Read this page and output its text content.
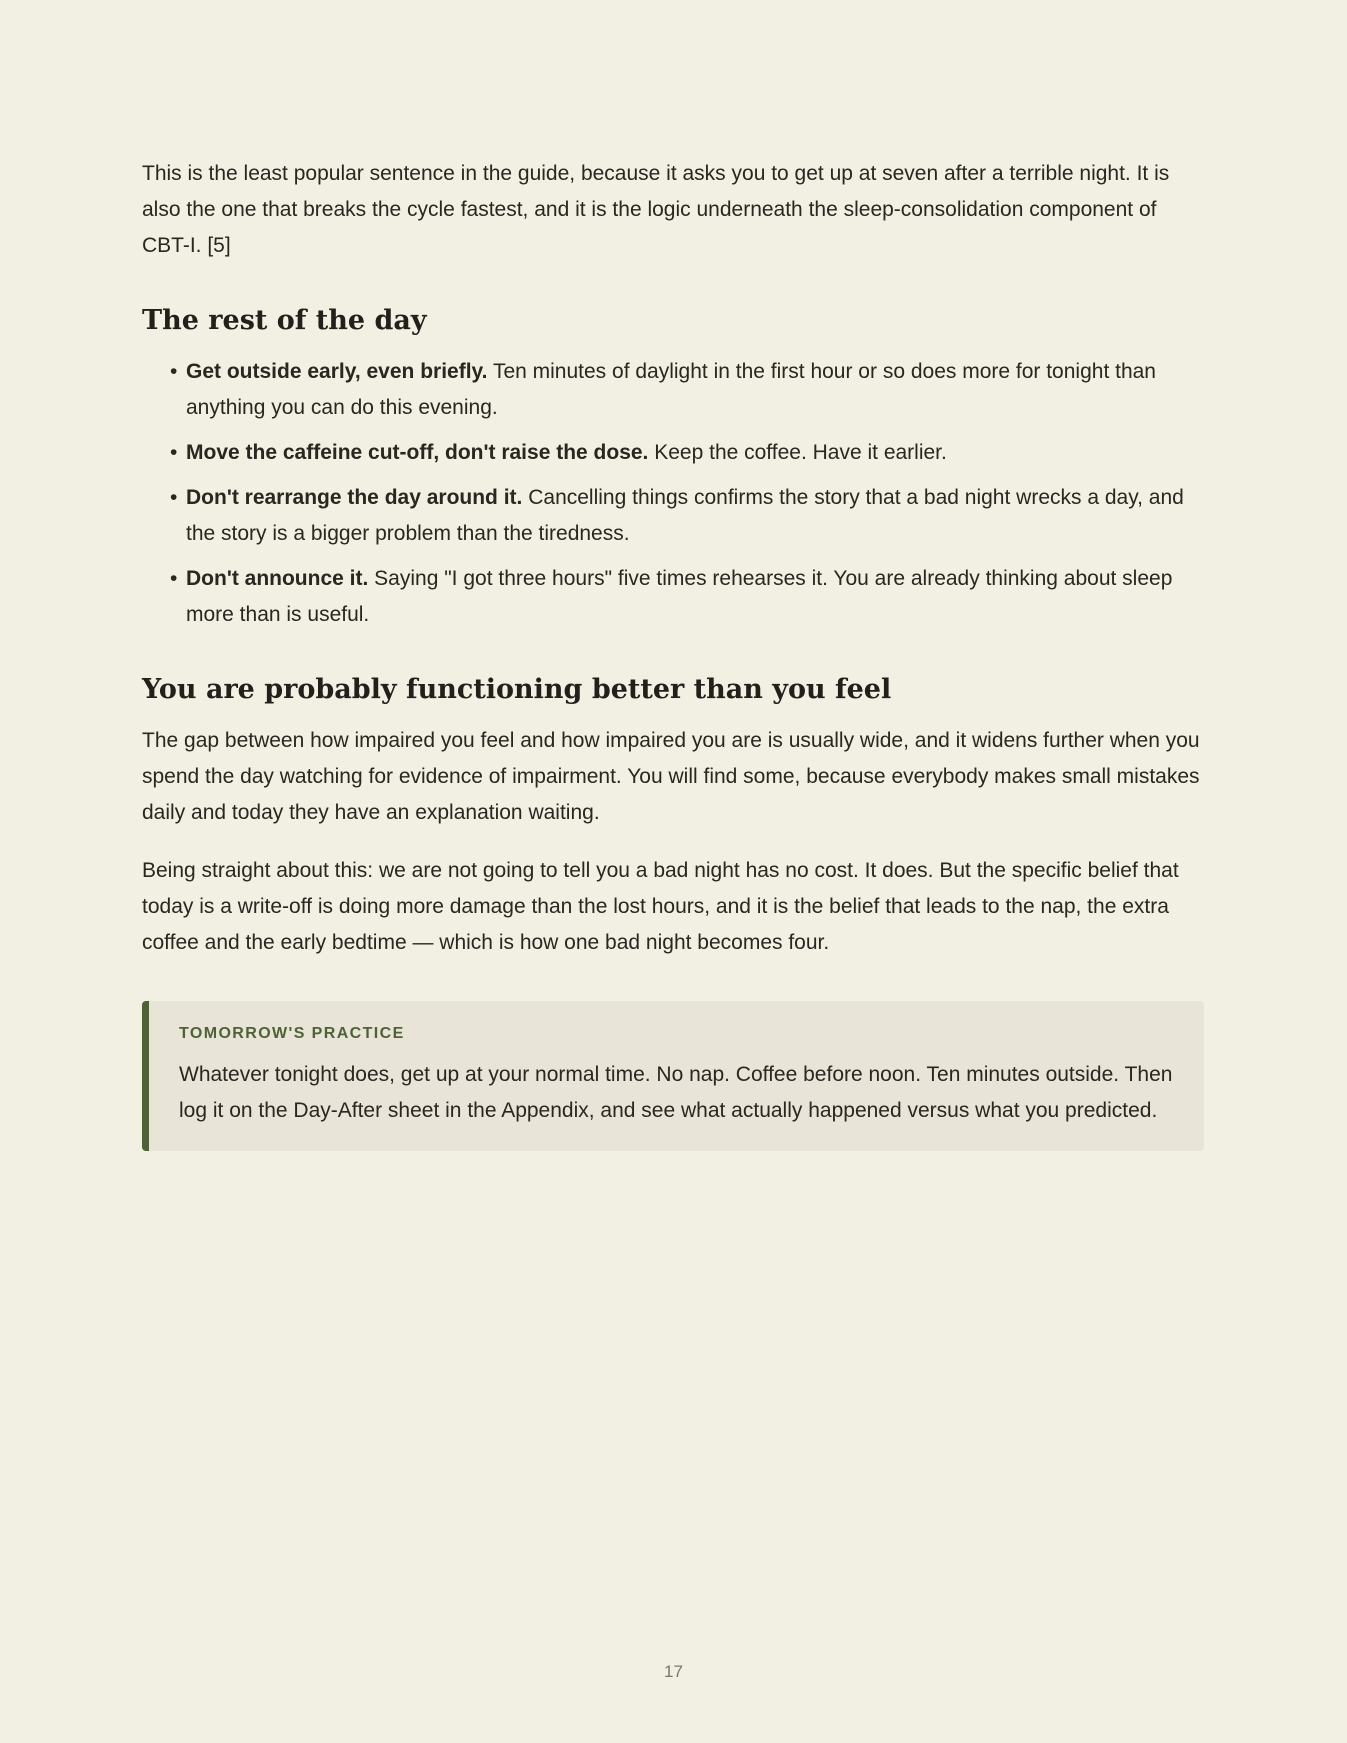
This is the least popular sentence in the guide, because it asks you to get up at seven after a terrible night. It is also the one that breaks the cycle fastest, and it is the logic underneath the sleep-consolidation component of CBT-I. [5]

The rest of the day
• Get outside early, even briefly. Ten minutes of daylight in the first hour or so does more for tonight than anything you can do this evening.
• Move the caffeine cut-off, don't raise the dose. Keep the coffee. Have it earlier.
• Don't rearrange the day around it. Cancelling things confirms the story that a bad night wrecks a day, and the story is a bigger problem than the tiredness.
• Don't announce it. Saying "I got three hours" five times rehearses it. You are already thinking about sleep more than is useful.
You are probably functioning better than you feel

The gap between how impaired you feel and how impaired you are is usually wide, and it widens further when you spend the day watching for evidence of impairment. You will find some, because everybody makes small mistakes daily and today they have an explanation waiting.

Being straight about this: we are not going to tell you a bad night has no cost. It does. But the specific belief that today is a write-off is doing more damage than the lost hours, and it is the belief that leads to the nap, the extra coffee and the early bedtime — which is how one bad night becomes four.

TOMORROW'S PRACTICE

Whatever tonight does, get up at your normal time. No nap. Coffee before noon. Ten minutes outside. Then log it on the Day-After sheet in the Appendix, and see what actually happened versus what you predicted.

17
